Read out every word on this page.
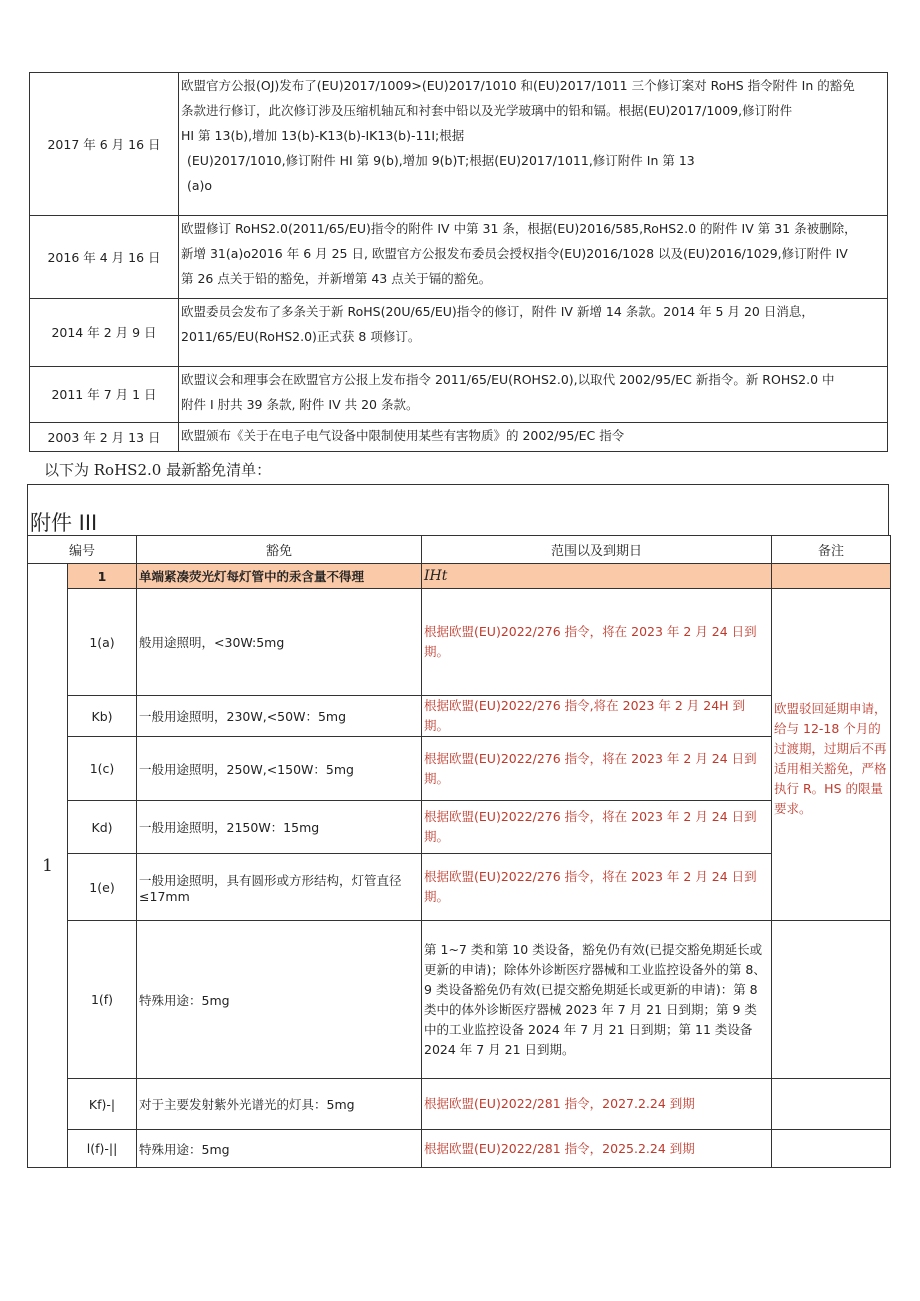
2017 年 6 月 16 日	欧盟官方公报(OJ)发布了(EU)2017/1009>(EU)2017/1010 和(EU)2017/1011 三个修订案对 RoHS 指令附件 In 的豁免
条款进行修订，此次修订涉及压缩机轴瓦和衬套中铅以及光学玻璃中的铅和镉。根据(EU)2017/1009,修订附件
HI 第 13(b),增加 13(b)-K13(b)-IK13(b)-11I;根据
(EU)2017/1010,修订附件 HI 第 9(b),增加 9(b)T;根据(EU)2017/1011,修订附件 In 第 13
(a)o

2016 年 4 月 16 日	欧盟修订 RoHS2.0(2011/65/EU)指令的附件 IV 中第 31 条，根据(EU)2016/585,RoHS2.0 的附件 IV 第 31 条被删除，
新增 31(a)o2016 年 6 月 25 日, 欧盟官方公报发布委员会授权指令(EU)2016/1028 以及(EU)2016/1029,修订附件 IV
第 26 点关于铅的豁免，并新增第 43 点关于镉的豁免。

2014 年 2 月 9 日	欧盟委员会发布了多条关于新 RoHS(20U/65/EU)指令的修订，附件 IV 新增 14 条款。2014 年 5 月 20 日消息，
2011/65/EU(RoHS2.0)正式获 8 项修订。

2011 年 7 月 1 日	欧盟议会和理事会在欧盟官方公报上发布指令 2011/65/EU(ROHS2.0),以取代 2002/95/EC 新指令。新 ROHS2.0 中
附件 I 肘共 39 条款, 附件 IV 共 20 条款。

2003 年 2 月 13 日	欧盟颁布《关于在电子电气设备中限制使用某些有害物质》的 2002/95/EC 指令
以下为 RoHS2.0 最新豁免清单：
附件 III
编号		豁免	范围以及到期日	备注
1	1	单端紧凑荧光灯每灯管中的汞含量不得理	IHt	
	1(a)	般用途照明，<30W:5mg	根据欧盟(EU)2022/276 指令，将在 2023 年 2 月 24 日到期。	欧盟驳回延期申请，给与 12-18 个月的过渡期，过期后不再适用相关豁免，严格执行 R。HS 的限量要求。
	Kb)	一般用途照明，230W,<50W：5mg	根据欧盟(EU)2022/276 指令,将在 2023 年 2 月 24H 到期。	
	1(c)	一般用途照明，250W,<150W：5mg	根据欧盟(EU)2022/276 指令，将在 2023 年 2 月 24 日到期。	
	Kd)	一般用途照明，2150W：15mg	根据欧盟(EU)2022/276 指令，将在 2023 年 2 月 24 日到期。	
	1(e)	一般用途照明，具有圆形或方形结构，灯管直径≤17mm	根据欧盟(EU)2022/276 指令，将在 2023 年 2 月 24 日到期。	
	1(f)	特殊用途：5mg	第 1~7 类和第 10 类设备，豁免仍有效(已提交豁免期延长或更新的申请)；除体外诊断医疗器械和工业监控设备外的第 8、9 类设备豁免仍有效(已提交豁免期延长或更新的申请)：第 8 类中的体外诊断医疗器械 2023 年 7 月 21 日到期；第 9 类中的工业监控设备 2024 年 7 月 21 日到期；第 11 类设备 2024 年 7 月 21 日到期。	
	Kf)-|	对于主要发射紫外光谱光的灯具：5mg	根据欧盟(EU)2022/281 指令，2027.2.24 到期	
	l(f)-||	特殊用途：5mg	根据欧盟(EU)2022/281 指令，2025.2.24 到期	
